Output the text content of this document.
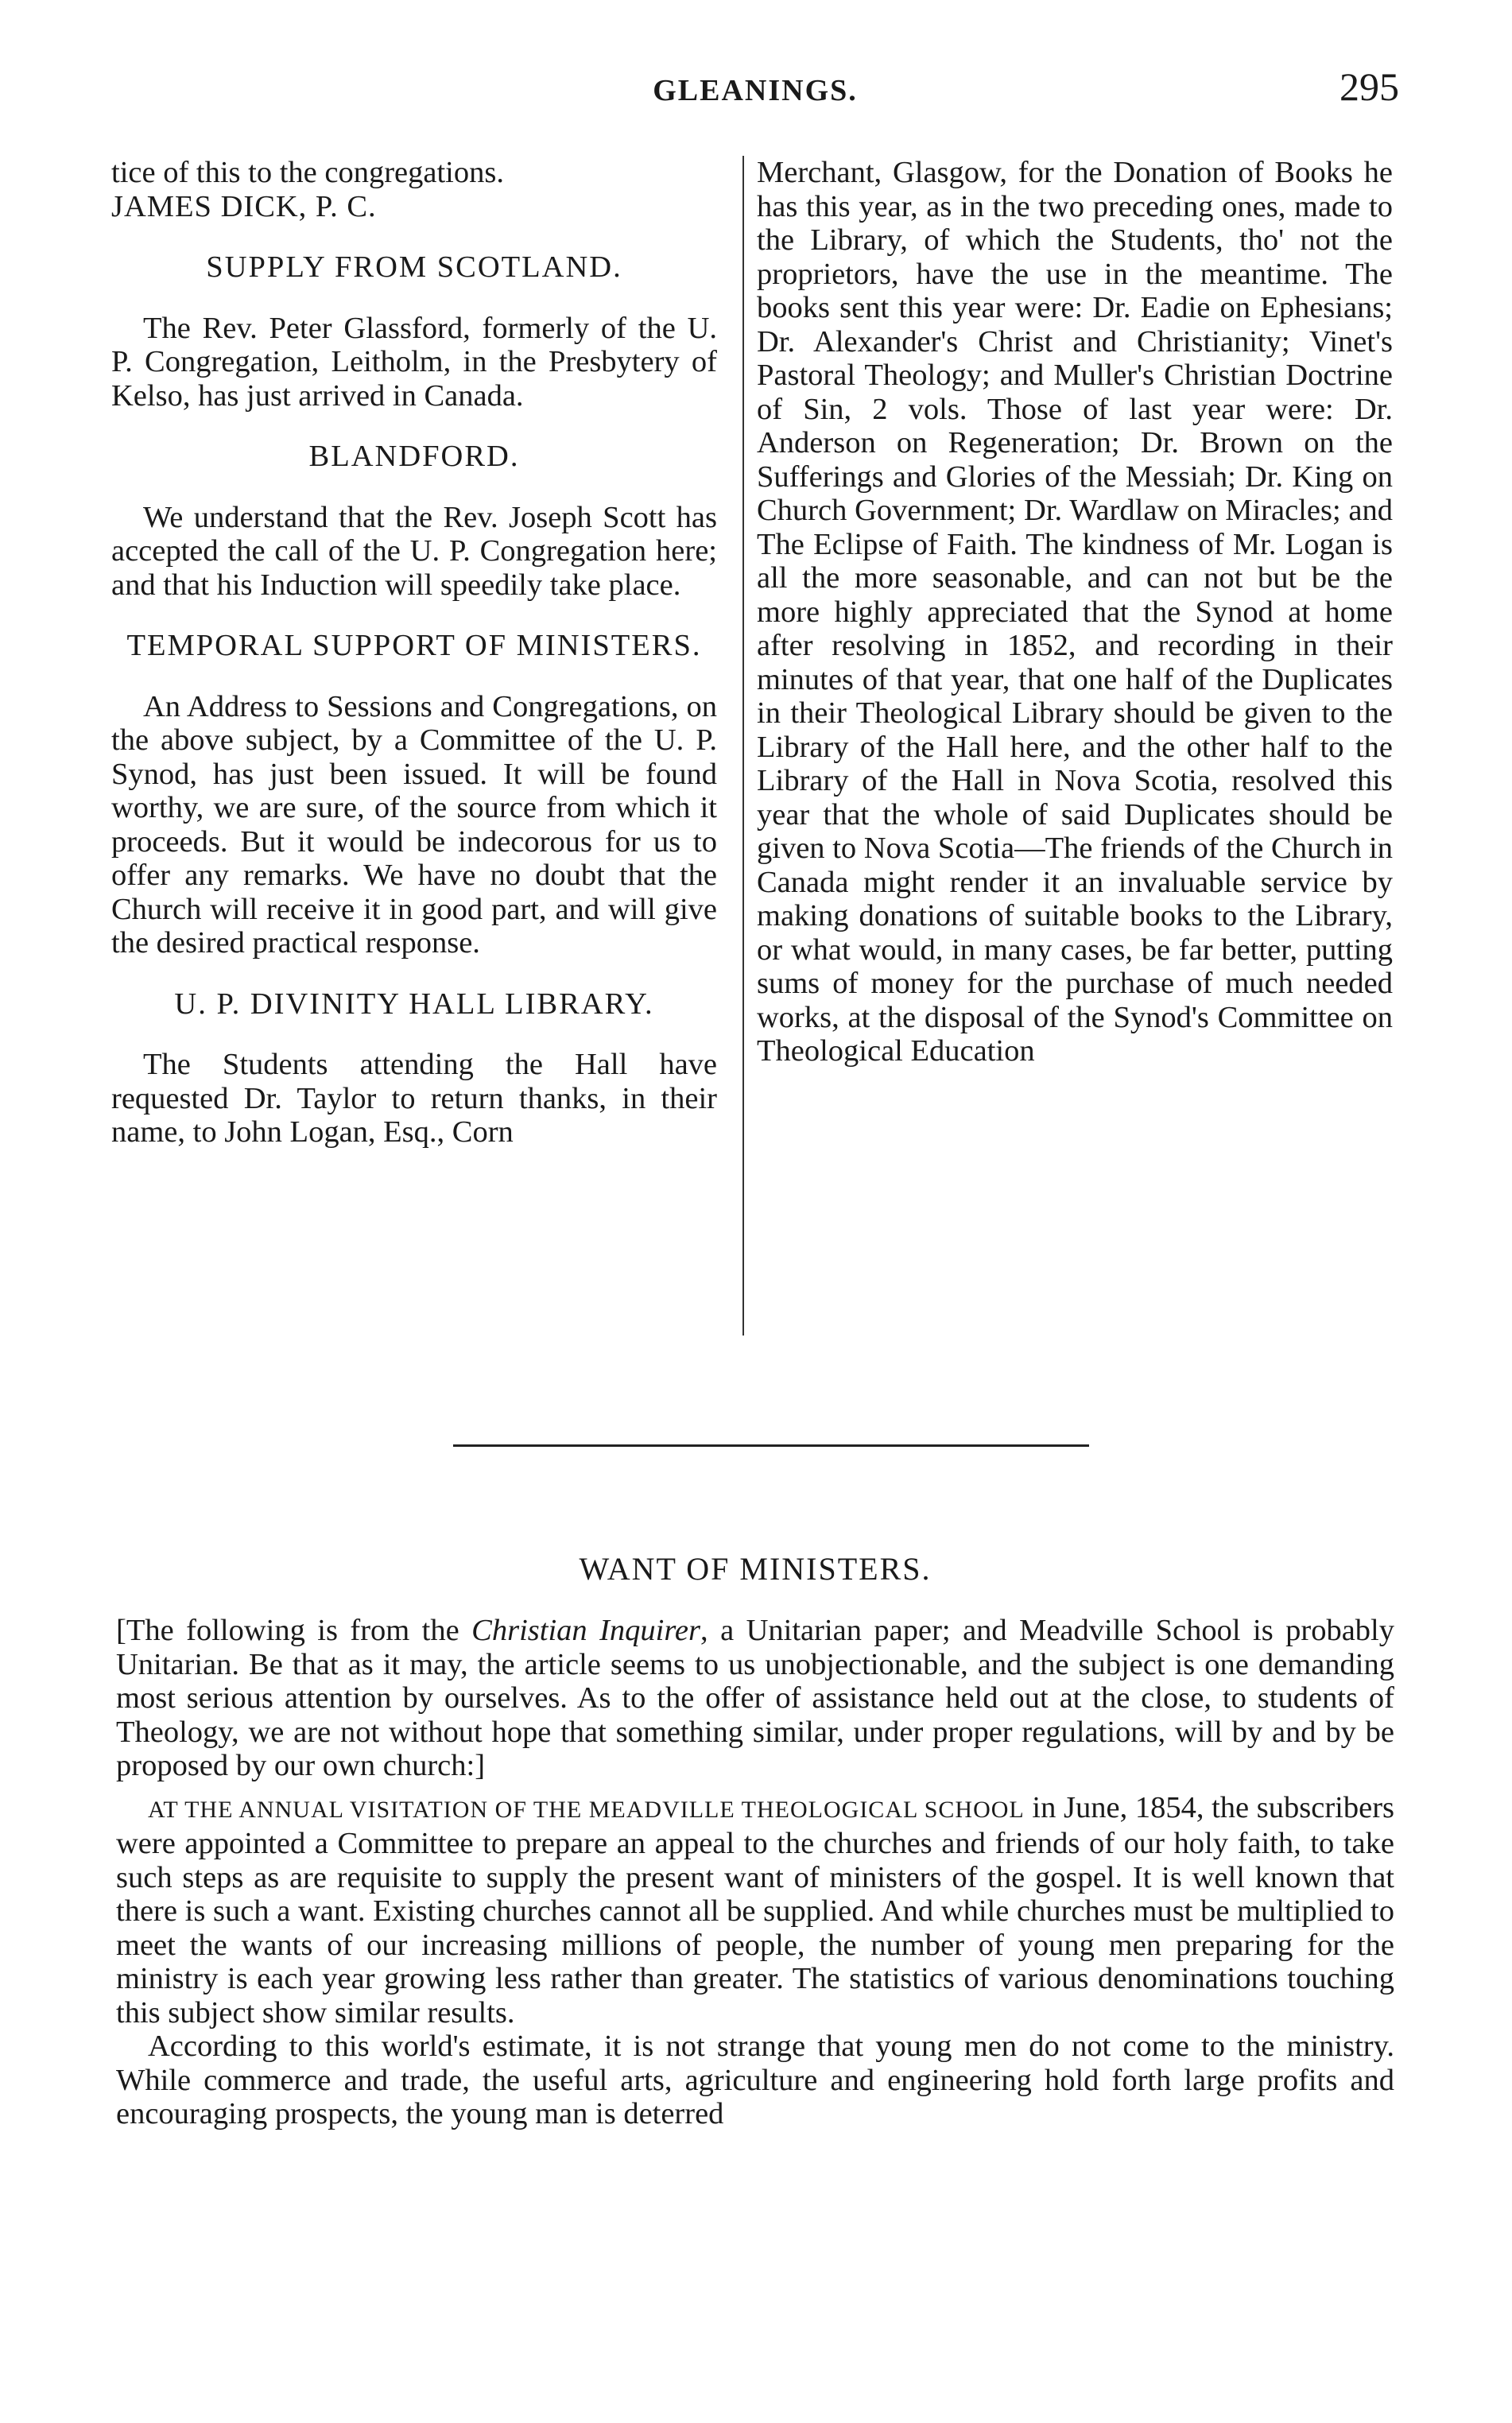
GLEANINGS.	295

tice of this to the congregations.

JAMES DICK, P. C.

SUPPLY FROM SCOTLAND.

The Rev. Peter Glassford, formerly of the U. P. Congregation, Leitholm, in the Presbytery of Kelso, has just arrived in Canada.

BLANDFORD.

We understand that the Rev. Joseph Scott has accepted the call of the U. P. Congregation here; and that his Induction will speedily take place.

TEMPORAL SUPPORT OF MINISTERS.

An Address to Sessions and Congregations, on the above subject, by a Committee of the U. P. Synod, has just been issued. It will be found worthy, we are sure, of the source from which it proceeds. But it would be indecorous for us to offer any remarks. We have no doubt that the Church will receive it in good part, and will give the desired practical response.

U. P. DIVINITY HALL LIBRARY.

The Students attending the Hall have requested Dr. Taylor to return thanks, in their name, to John Logan, Esq., Corn

Merchant, Glasgow, for the Donation of Books he has this year, as in the two preceding ones, made to the Library, of which the Students, tho' not the proprietors, have the use in the meantime. The books sent this year were: Dr. Eadie on Ephesians; Dr. Alexander's Christ and Christianity; Vinet's Pastoral Theology; and Muller's Christian Doctrine of Sin, 2 vols. Those of last year were: Dr. Anderson on Regeneration; Dr. Brown on the Sufferings and Glories of the Messiah; Dr. King on Church Government; Dr. Wardlaw on Miracles; and The Eclipse of Faith. The kindness of Mr. Logan is all the more seasonable, and can not but be the more highly appreciated that the Synod at home after resolving in 1852, and recording in their minutes of that year, that one half of the Duplicates in their Theological Library should be given to the Library of the Hall here, and the other half to the Library of the Hall in Nova Scotia, resolved this year that the whole of said Duplicates should be given to Nova Scotia—The friends of the Church in Canada might render it an invaluable service by making donations of suitable books to the Library, or what would, in many cases, be far better, putting sums of money for the purchase of much needed works, at the disposal of the Synod's Committee on Theological Education

WANT OF MINISTERS.

[The following is from the Christian Inquirer, a Unitarian paper; and Meadville School is probably Unitarian. Be that as it may, the article seems to us unobjectionable, and the subject is one demanding most serious attention by ourselves. As to the offer of assistance held out at the close, to students of Theology, we are not without hope that something similar, under proper regulations, will by and by be proposed by our own church:]

AT THE ANNUAL VISITATION OF THE MEADVILLE THEOLOGICAL SCHOOL in June, 1854, the subscribers were appointed a Committee to prepare an appeal to the churches and friends of our holy faith, to take such steps as are requisite to supply the present want of ministers of the gospel. It is well known that there is such a want. Existing churches cannot all be supplied. And while churches must be multiplied to meet the wants of our increasing millions of people, the number of young men preparing for the ministry is each year growing less rather than greater. The statistics of various denominations touching this subject show similar results.

According to this world's estimate, it is not strange that young men do not come to the ministry. While commerce and trade, the useful arts, agriculture and engineering hold forth large profits and encouraging prospects, the young man is deterred
